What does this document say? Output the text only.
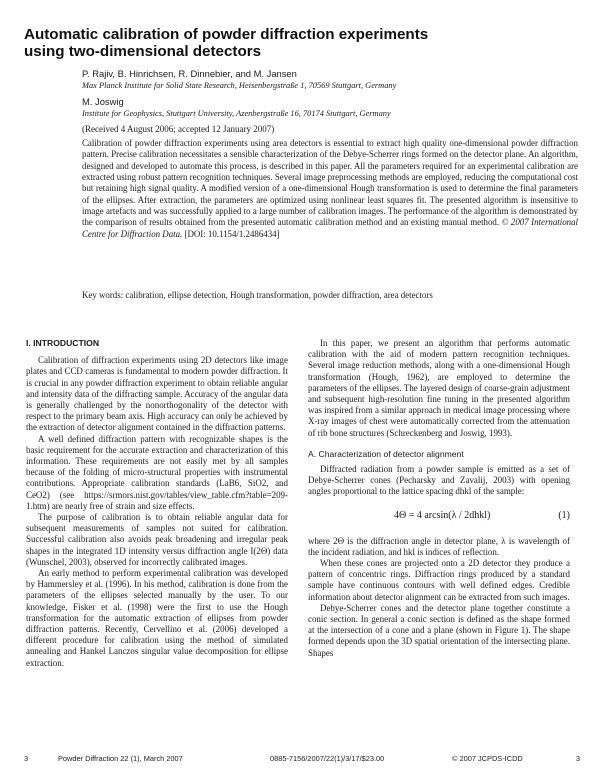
Automatic calibration of powder diffraction experiments using two-dimensional detectors
P. Rajiv, B. Hinrichsen, R. Dinnebier, and M. Jansen
Max Planck Institute for Solid State Research, Heisenbergstraße 1, 70569 Stuttgart, Germany
M. Joswig
Institute for Geophysics, Stuttgart University, Azenbergstraße 16, 70174 Stuttgart, Germany
(Received 4 August 2006; accepted 12 January 2007)
Calibration of powder diffraction experiments using area detectors is essential to extract high quality one-dimensional powder diffraction pattern. Precise calibration necessitates a sensible characterization of the Debye-Scherrer rings formed on the detector plane. An algorithm, designed and developed to automate this process, is described in this paper. All the parameters required for an experimental calibration are extracted using robust pattern recognition techniques. Several image preprocessing methods are employed, reducing the computational cost but retaining high signal quality. A modified version of a one-dimensional Hough transformation is used to determine the final parameters of the ellipses. After extraction, the parameters are optimized using nonlinear least squares fit. The presented algorithm is insensitive to image artefacts and was successfully applied to a large number of calibration images. The performance of the algorithm is demonstrated by the comparison of results obtained from the presented automatic calibration method and an existing manual method. © 2007 International Centre for Diffraction Data. [DOI: 10.1154/1.2486434]
Key words: calibration, ellipse detection, Hough transformation, powder diffraction, area detectors
I. INTRODUCTION

Calibration of diffraction experiments using 2D detectors like image plates and CCD cameras is fundamental to modern powder diffraction. It is crucial in any powder diffraction experiment to obtain reliable angular and intensity data of the diffracting sample. Accuracy of the angular data is generally challenged by the nonorthogonality of the detector with respect to the primary beam axis. High accuracy can only be achieved by the extraction of detector alignment contained in the diffraction patterns.

A well defined diffraction pattern with recognizable shapes is the basic requirement for the accurate extraction and characterization of this information. These requirements are not easily met by all samples because of the folding of micro-structural properties with instrumental contributions. Appropriate calibration standards (LaB6, SiO2, and CeO2) (see https://srmors.nist.gov/tables/view_table.cfm?table=209-1.htm) are nearly free of strain and size effects.

The purpose of calibration is to obtain reliable angular data for subsequent measurements of samples not suited for calibration. Successful calibration also avoids peak broadening and irregular peak shapes in the integrated 1D intensity versus diffraction angle I(2Θ) data (Wunschel, 2003), observed for incorrectly calibrated images.

An early method to perform experimental calibration was developed by Hammersley et al. (1996). In his method, calibration is done from the parameters of the ellipses selected manually by the user. To our knowledge, Fisker et al. (1998) were the first to use the Hough transformation for the automatic extraction of ellipses from powder diffraction patterns. Recently, Cervellino et al. (2006) developed a different procedure for calibration using the method of simulated annealing and Hankel Lanczos singular value decomposition for ellipse extraction.

In this paper, we present an algorithm that performs automatic calibration with the aid of modern pattern recognition techniques. Several image reduction methods, along with a one-dimensional Hough transformation (Hough, 1962), are employed to determine the parameters of the ellipses. The layered design of coarse-grain adjustment and subsequent high-resolution fine tuning in the presented algorithm was inspired from a similar approach in medical image processing where X-ray images of chest were automatically corrected from the attenuation of rib bone structures (Schreckenberg and Joswig, 1993).

A. Characterization of detector alignment

Diffracted radiation from a powder sample is emitted as a set of Debye-Scherrer cones (Pecharsky and Zavalij, 2003) with opening angles proportional to the lattice spacing dhkl of the sample:

4Θ = 4 arcsin(λ / 2dhkl)	(1)

where 2Θ is the diffraction angle in detector plane, λ is wavelength of the incident radiation, and hkl is indices of reflection.

When these cones are projected onto a 2D detector they produce a pattern of concentric rings. Diffraction rings produced by a standard sample have continuous contours with well defined edges. Credible information about detector alignment can be extracted from such images.

Debye-Scherrer cones and the detector plane together constitute a conic section. In general a conic section is defined as the shape formed at the intersection of a cone and a plane (shown in Figure 1). The shape formed depends upon the 3D spatial orientation of the intersecting plane. Shapes

3	Powder Diffraction 22 (1), March 2007	0885-7156/2007/22(1)/3/17/$23.00	© 2007 JCPDS-ICDD	3
